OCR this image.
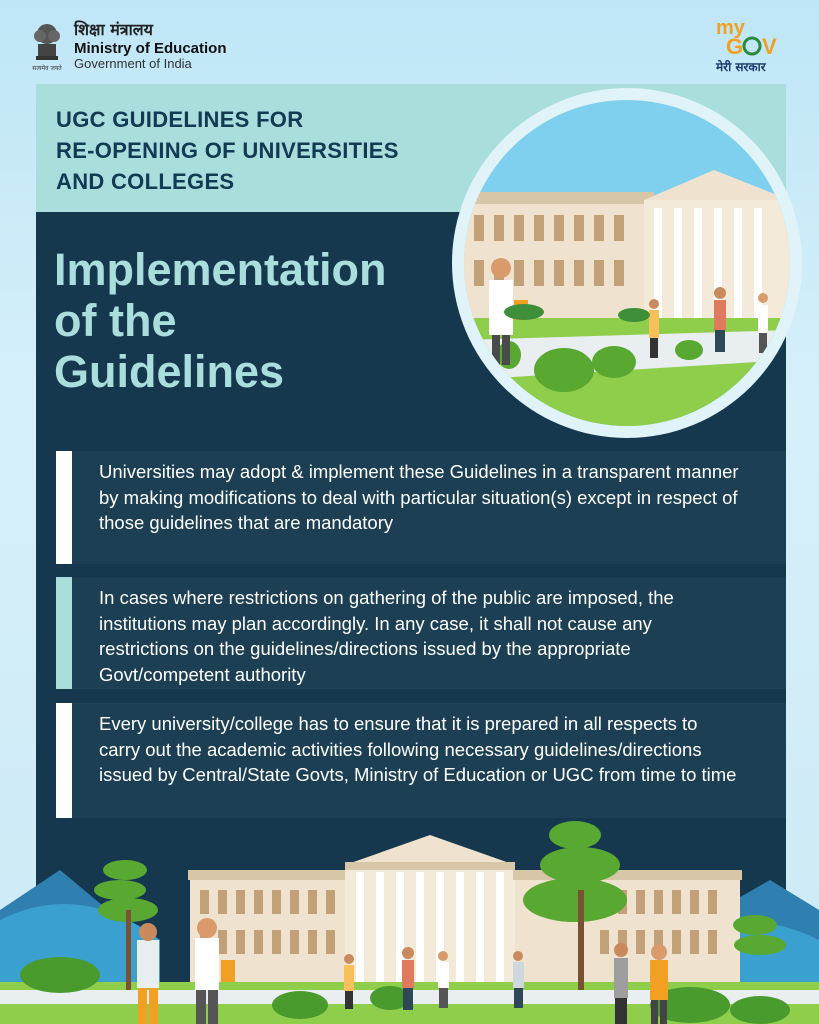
सत्यमेव जयते
शिक्षा मंत्रालय
Ministry of Education
Government of India
my
G V
मेरी सरकार
UGC GUIDELINES FOR
RE-OPENING OF UNIVERSITIES
AND COLLEGES
Implementation
of the
Guidelines
Universities may adopt & implement these Guidelines in a transparent manner by making modifications to deal with particular situation(s) except in respect of those guidelines that are mandatory
In cases where restrictions on gathering of the public are imposed, the institutions may plan accordingly. In any case, it shall not cause any restrictions on the guidelines/directions issued by the appropriate Govt/competent authority
Every university/college has to ensure that it is prepared in all respects to carry out the academic activities following necessary guidelines/directions issued by Central/State Govts, Ministry of Education or UGC from time to time
